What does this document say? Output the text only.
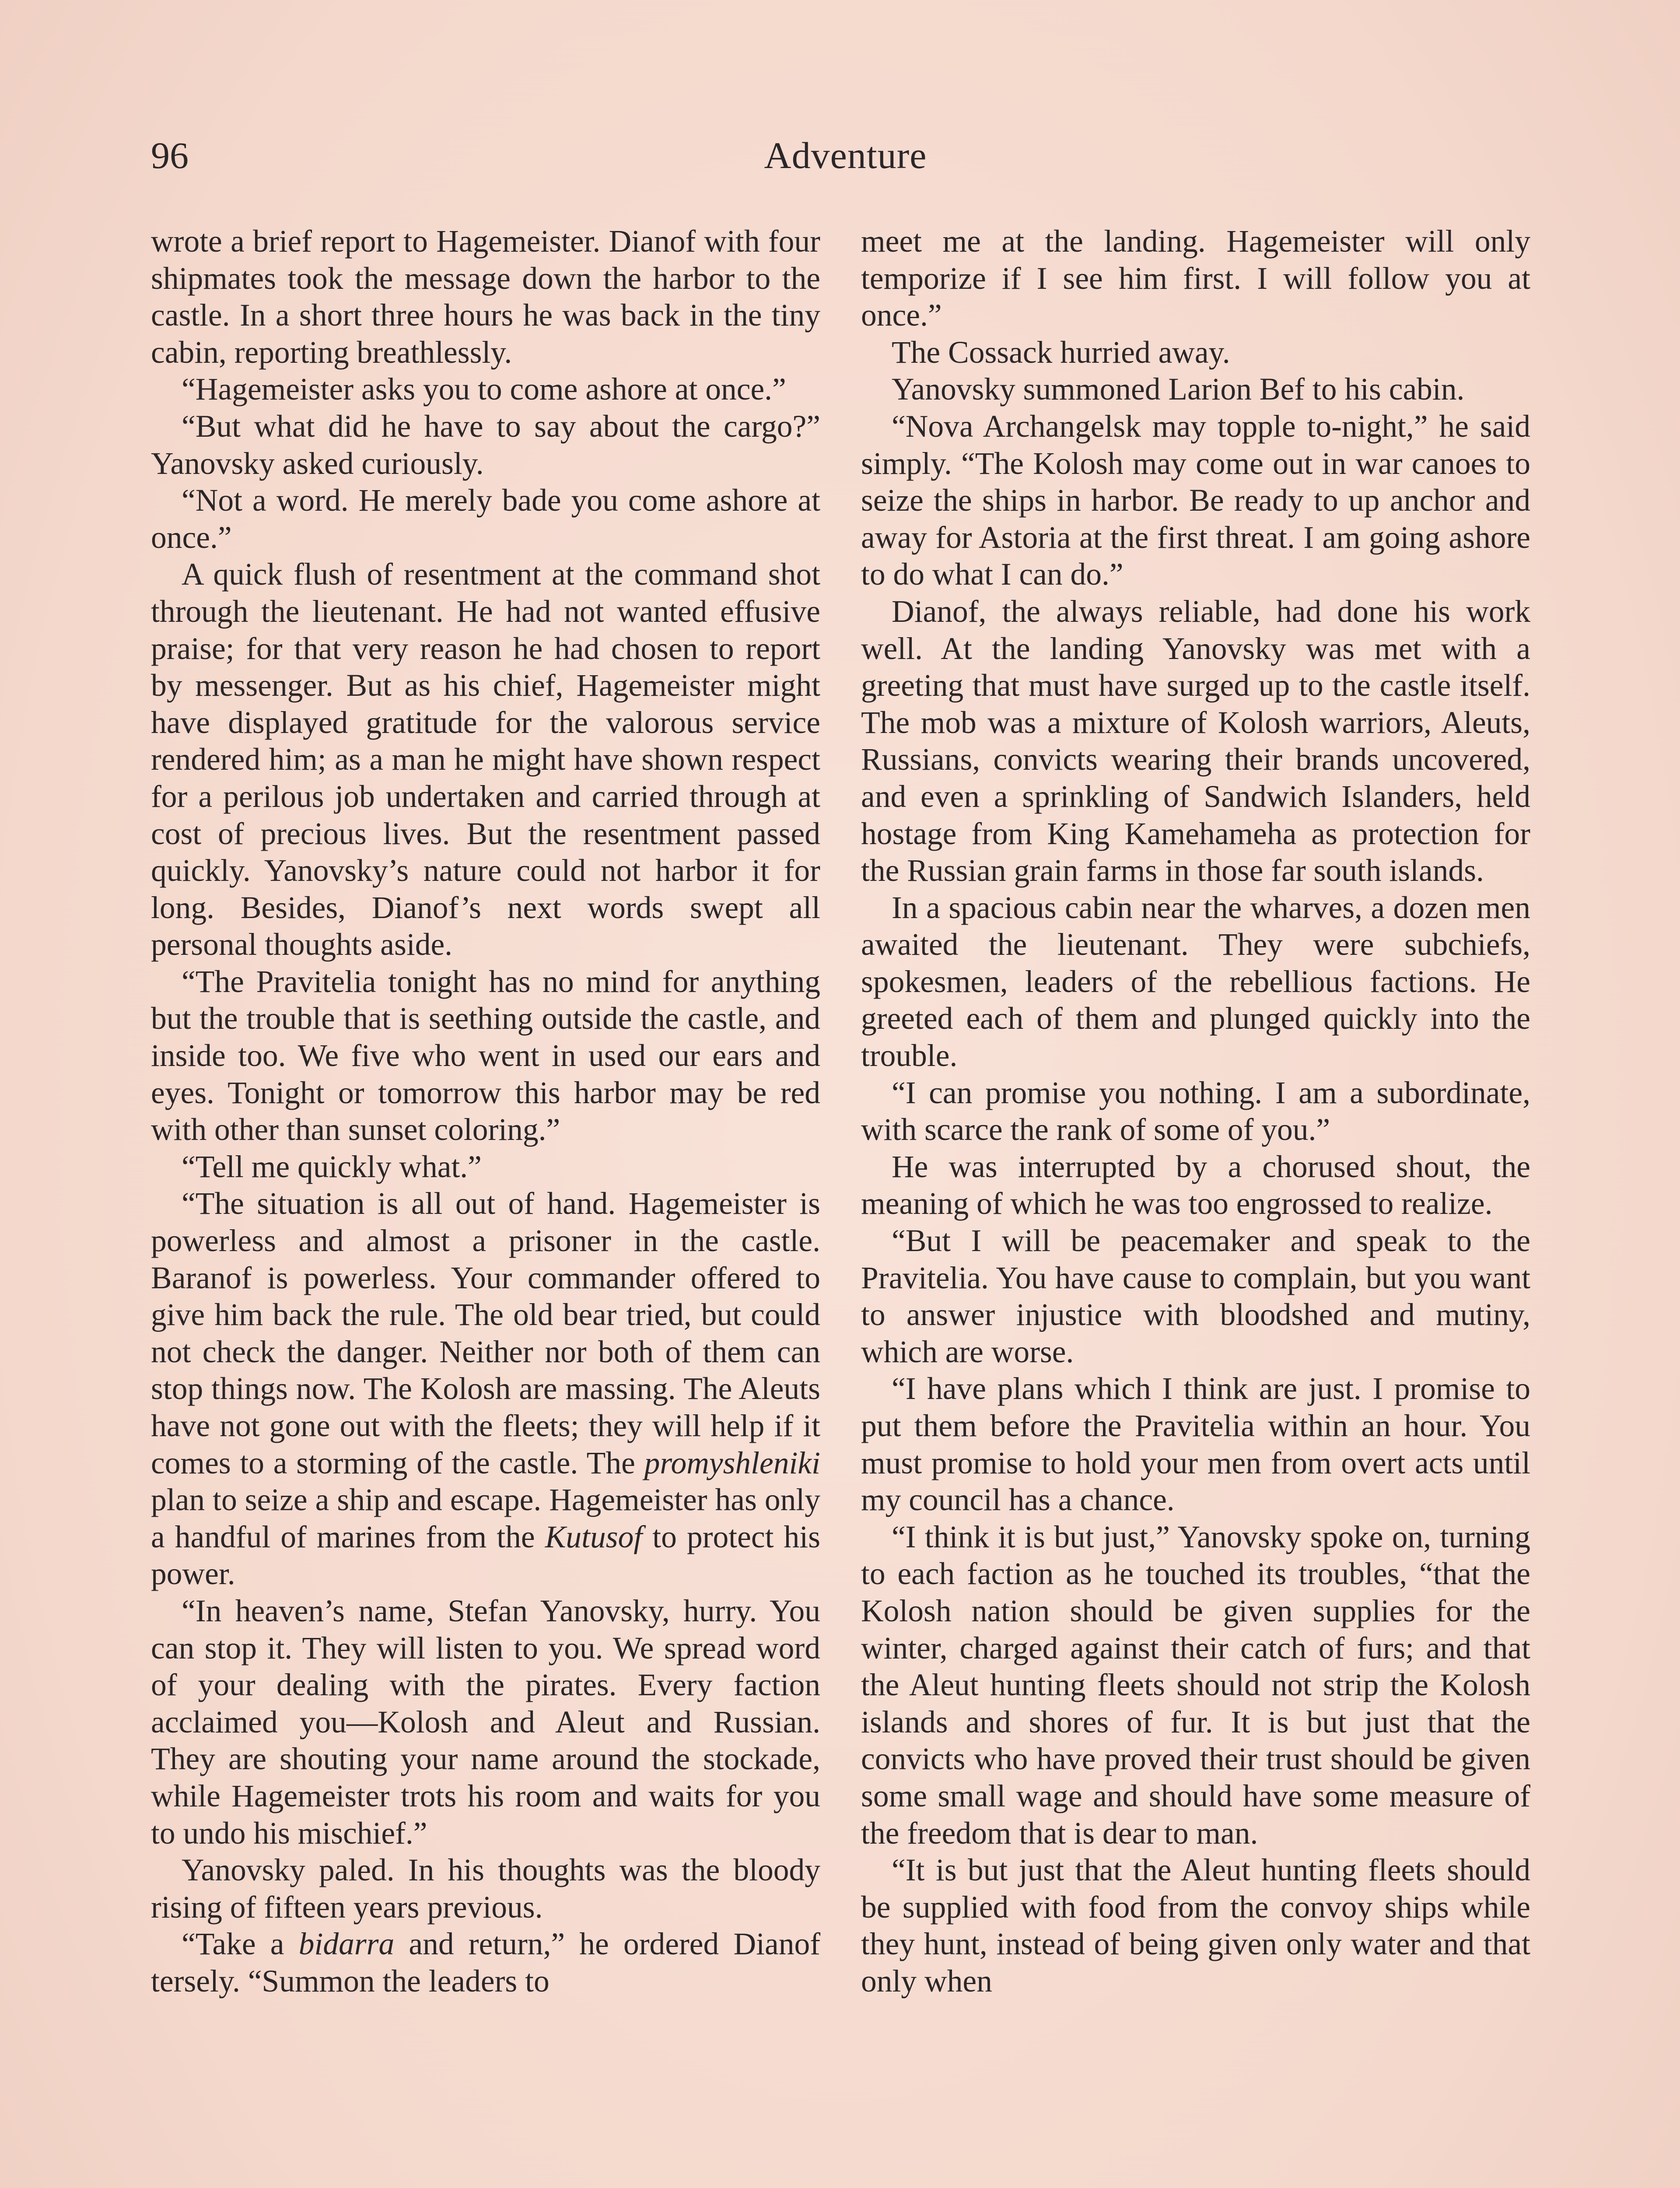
96	Adventure

wrote a brief report to Hagemeister. Dianof with four shipmates took the message down the harbor to the castle. In a short three hours he was back in the tiny cabin, reporting breathlessly.

“Hagemeister asks you to come ashore at once.”

“But what did he have to say about the cargo?” Yanovsky asked curiously.

“Not a word. He merely bade you come ashore at once.”

A quick flush of resentment at the command shot through the lieutenant. He had not wanted effusive praise; for that very reason he had chosen to report by messenger. But as his chief, Hagemeister might have displayed gratitude for the valorous service rendered him; as a man he might have shown respect for a perilous job undertaken and carried through at cost of precious lives. But the resentment passed quickly. Yanovsky’s nature could not harbor it for long. Besides, Dianof’s next words swept all personal thoughts aside.

“The Pravitelia tonight has no mind for anything but the trouble that is seething outside the castle, and inside too. We five who went in used our ears and eyes. Tonight or tomorrow this harbor may be red with other than sunset coloring.”

“Tell me quickly what.”

“The situation is all out of hand. Hagemeister is powerless and almost a prisoner in the castle. Baranof is powerless. Your commander offered to give him back the rule. The old bear tried, but could not check the danger. Neither nor both of them can stop things now. The Kolosh are massing. The Aleuts have not gone out with the fleets; they will help if it comes to a storming of the castle. The promyshleniki plan to seize a ship and escape. Hagemeister has only a handful of marines from the Kutusof to protect his power.

“In heaven’s name, Stefan Yanovsky, hurry. You can stop it. They will listen to you. We spread word of your dealing with the pirates. Every faction acclaimed you—Kolosh and Aleut and Russian. They are shouting your name around the stockade, while Hagemeister trots his room and waits for you to undo his mischief.”

Yanovsky paled. In his thoughts was the bloody rising of fifteen years previous.

“Take a bidarra and return,” he ordered Dianof tersely. “Summon the leaders to

meet me at the landing. Hagemeister will only temporize if I see him first. I will follow you at once.”

The Cossack hurried away.

Yanovsky summoned Larion Bef to his cabin.

“Nova Archangelsk may topple to-night,” he said simply. “The Kolosh may come out in war canoes to seize the ships in harbor. Be ready to up anchor and away for Astoria at the first threat. I am going ashore to do what I can do.”

Dianof, the always reliable, had done his work well. At the landing Yanovsky was met with a greeting that must have surged up to the castle itself. The mob was a mixture of Kolosh warriors, Aleuts, Russians, convicts wearing their brands uncovered, and even a sprinkling of Sandwich Islanders, held hostage from King Kamehameha as protection for the Russian grain farms in those far south islands.

In a spacious cabin near the wharves, a dozen men awaited the lieutenant. They were subchiefs, spokesmen, leaders of the rebellious factions. He greeted each of them and plunged quickly into the trouble.

“I can promise you nothing. I am a subordinate, with scarce the rank of some of you.”

He was interrupted by a chorused shout, the meaning of which he was too engrossed to realize.

“But I will be peacemaker and speak to the Pravitelia. You have cause to complain, but you want to answer injustice with bloodshed and mutiny, which are worse.

“I have plans which I think are just. I promise to put them before the Pravitelia within an hour. You must promise to hold your men from overt acts until my council has a chance.

“I think it is but just,” Yanovsky spoke on, turning to each faction as he touched its troubles, “that the Kolosh nation should be given supplies for the winter, charged against their catch of furs; and that the Aleut hunting fleets should not strip the Kolosh islands and shores of fur. It is but just that the convicts who have proved their trust should be given some small wage and should have some measure of the freedom that is dear to man.

“It is but just that the Aleut hunting fleets should be supplied with food from the convoy ships while they hunt, instead of being given only water and that only when
